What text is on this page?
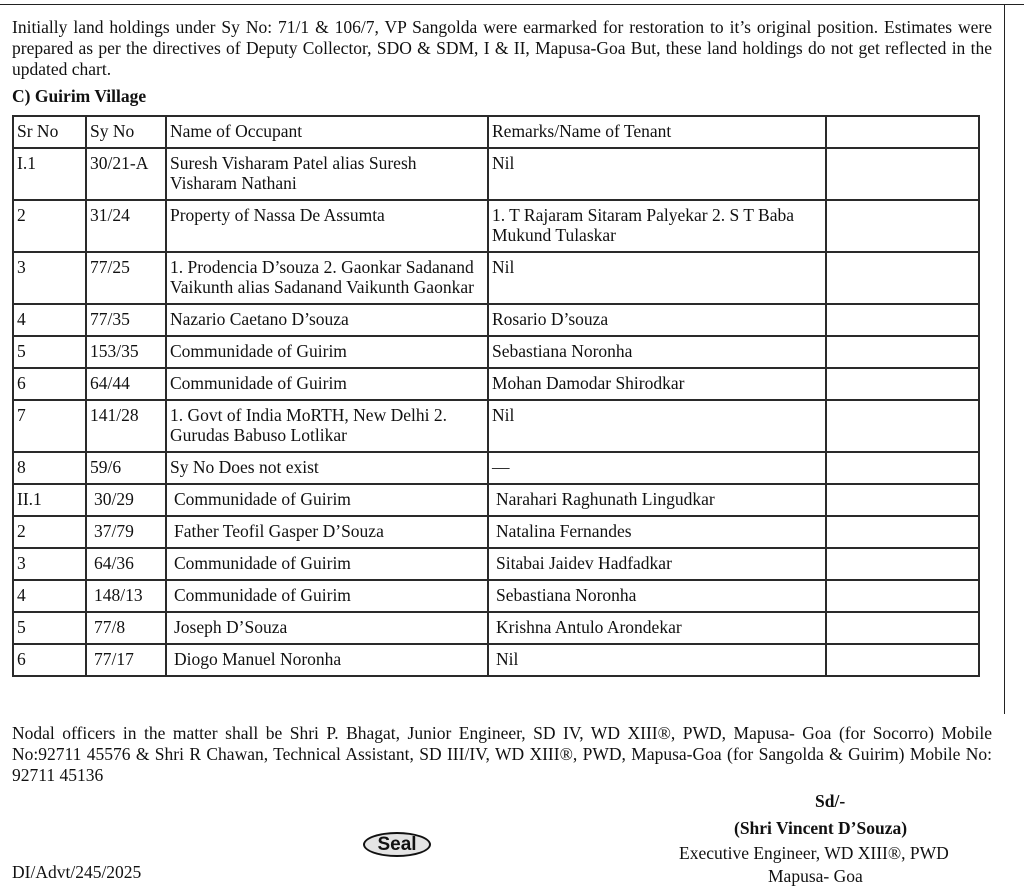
Initially land holdings under Sy No: 71/1 & 106/7, VP Sangolda were earmarked for restoration to it’s original position. Estimates were prepared as per the directives of Deputy Collector, SDO & SDM, I & II, Mapusa-Goa But, these land holdings do not get reflected in the updated chart.

C) Guirim Village
Sr No	Sy No	Name of Occupant	Remarks/Name of Tenant	
I.1	30/21-A	Suresh Visharam Patel alias Suresh Visharam Nathani	Nil	
2	31/24	Property of Nassa De Assumta	1. T Rajaram Sitaram Palyekar 2. S T Baba Mukund Tulaskar	
3	77/25	1. Prodencia D’souza 2. Gaonkar Sadanand Vaikunth alias Sadanand Vaikunth Gaonkar	Nil	
4	77/35	Nazario Caetano D’souza	Rosario D’souza	
5	153/35	Communidade of Guirim	Sebastiana Noronha	
6	64/44	Communidade of Guirim	Mohan Damodar Shirodkar	
7	141/28	1. Govt of India MoRTH, New Delhi 2. Gurudas Babuso Lotlikar	Nil	
8	59/6	Sy No Does not exist	—	
II.1	30/29	Communidade of Guirim	Narahari Raghunath Lingudkar	
2	37/79	Father Teofil Gasper D’Souza	Natalina Fernandes	
3	64/36	Communidade of Guirim	Sitabai Jaidev Hadfadkar	
4	148/13	Communidade of Guirim	Sebastiana Noronha	
5	77/8	Joseph D’Souza	Krishna Antulo Arondekar	
6	77/17	Diogo Manuel Noronha	Nil	

Nodal officers in the matter shall be Shri P. Bhagat, Junior Engineer, SD IV, WD XIII®, PWD, Mapusa- Goa (for Socorro) Mobile No:92711 45576 & Shri R Chawan, Technical Assistant, SD III/IV, WD XIII®, PWD, Mapusa-Goa (for Sangolda & Guirim) Mobile No: 92711 45136

Sd/-
(Shri Vincent D’Souza)
Executive Engineer, WD XIII®, PWD
Mapusa- Goa
Seal
DI/Advt/245/2025
